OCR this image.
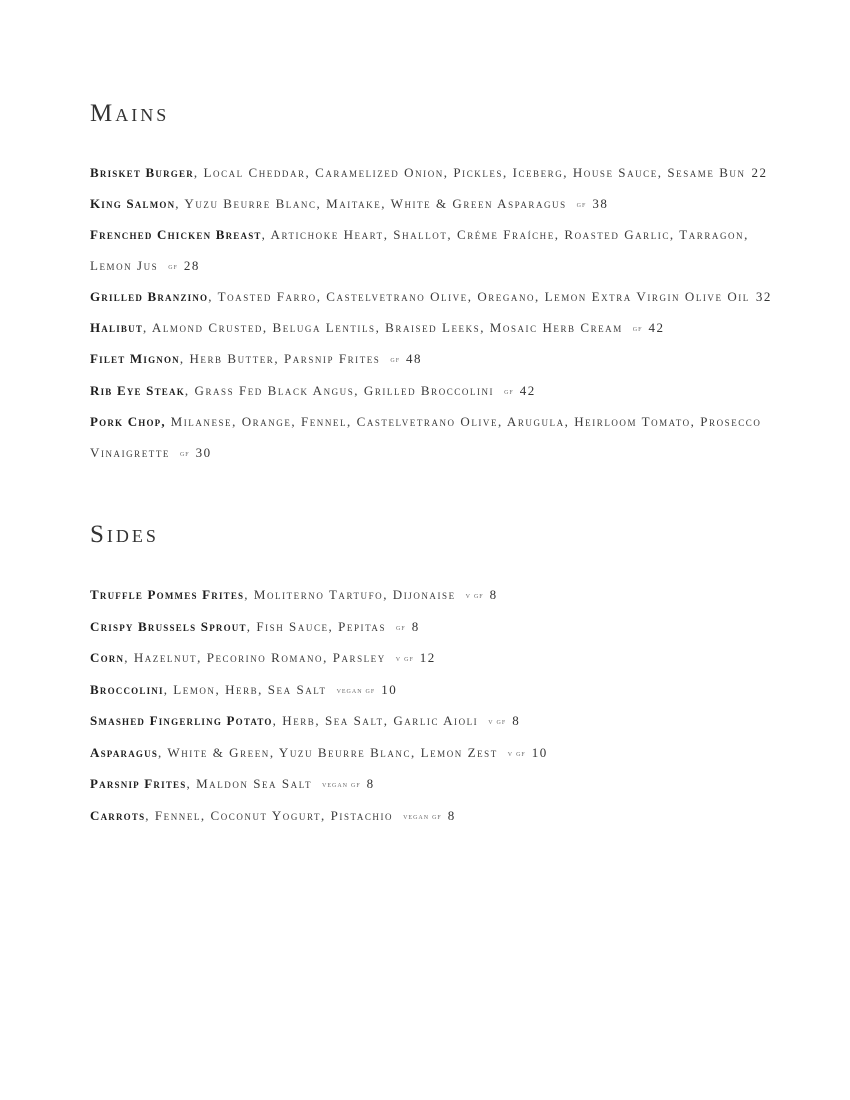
Mains
Brisket Burger, Local Cheddar, Caramelized Onion, Pickles, Iceberg, House Sauce, Sesame Bun 22
King Salmon, Yuzu Beurre Blanc, Maitake, White & Green Asparagus gf 38
Frenched Chicken Breast, Artichoke Heart, Shallot, Créme Fraíche, Roasted Garlic, Tarragon, Lemon Jus gf 28
Grilled Branzino, Toasted Farro, Castelvetrano Olive, Oregano, Lemon Extra Virgin Olive Oil 32
Halibut, Almond Crusted, Beluga Lentils, Braised Leeks, Mosaic Herb Cream gf 42
Filet Mignon, Herb Butter, Parsnip Frites gf 48
Rib Eye Steak, Grass Fed Black Angus, Grilled Broccolini gf 42
Pork Chop, Milanese, Orange, Fennel, Castelvetrano Olive, Arugula, Heirloom Tomato, Prosecco Vinaigrette gf 30
Sides
Truffle Pommes Frites, Moliterno Tartufo, Dijonaise v gf 8
Crispy Brussels Sprout, Fish Sauce, Pepitas gf 8
Corn, Hazelnut, Pecorino Romano, Parsley v gf 12
Broccolini, Lemon, Herb, Sea Salt vegan gf 10
Smashed Fingerling Potato, Herb, Sea Salt, Garlic Aioli v gf 8
Asparagus, White & Green, Yuzu Beurre Blanc, Lemon Zest v gf 10
Parsnip Frites, Maldon Sea Salt vegan gf 8
Carrots, Fennel, Coconut Yogurt, Pistachio vegan gf 8
